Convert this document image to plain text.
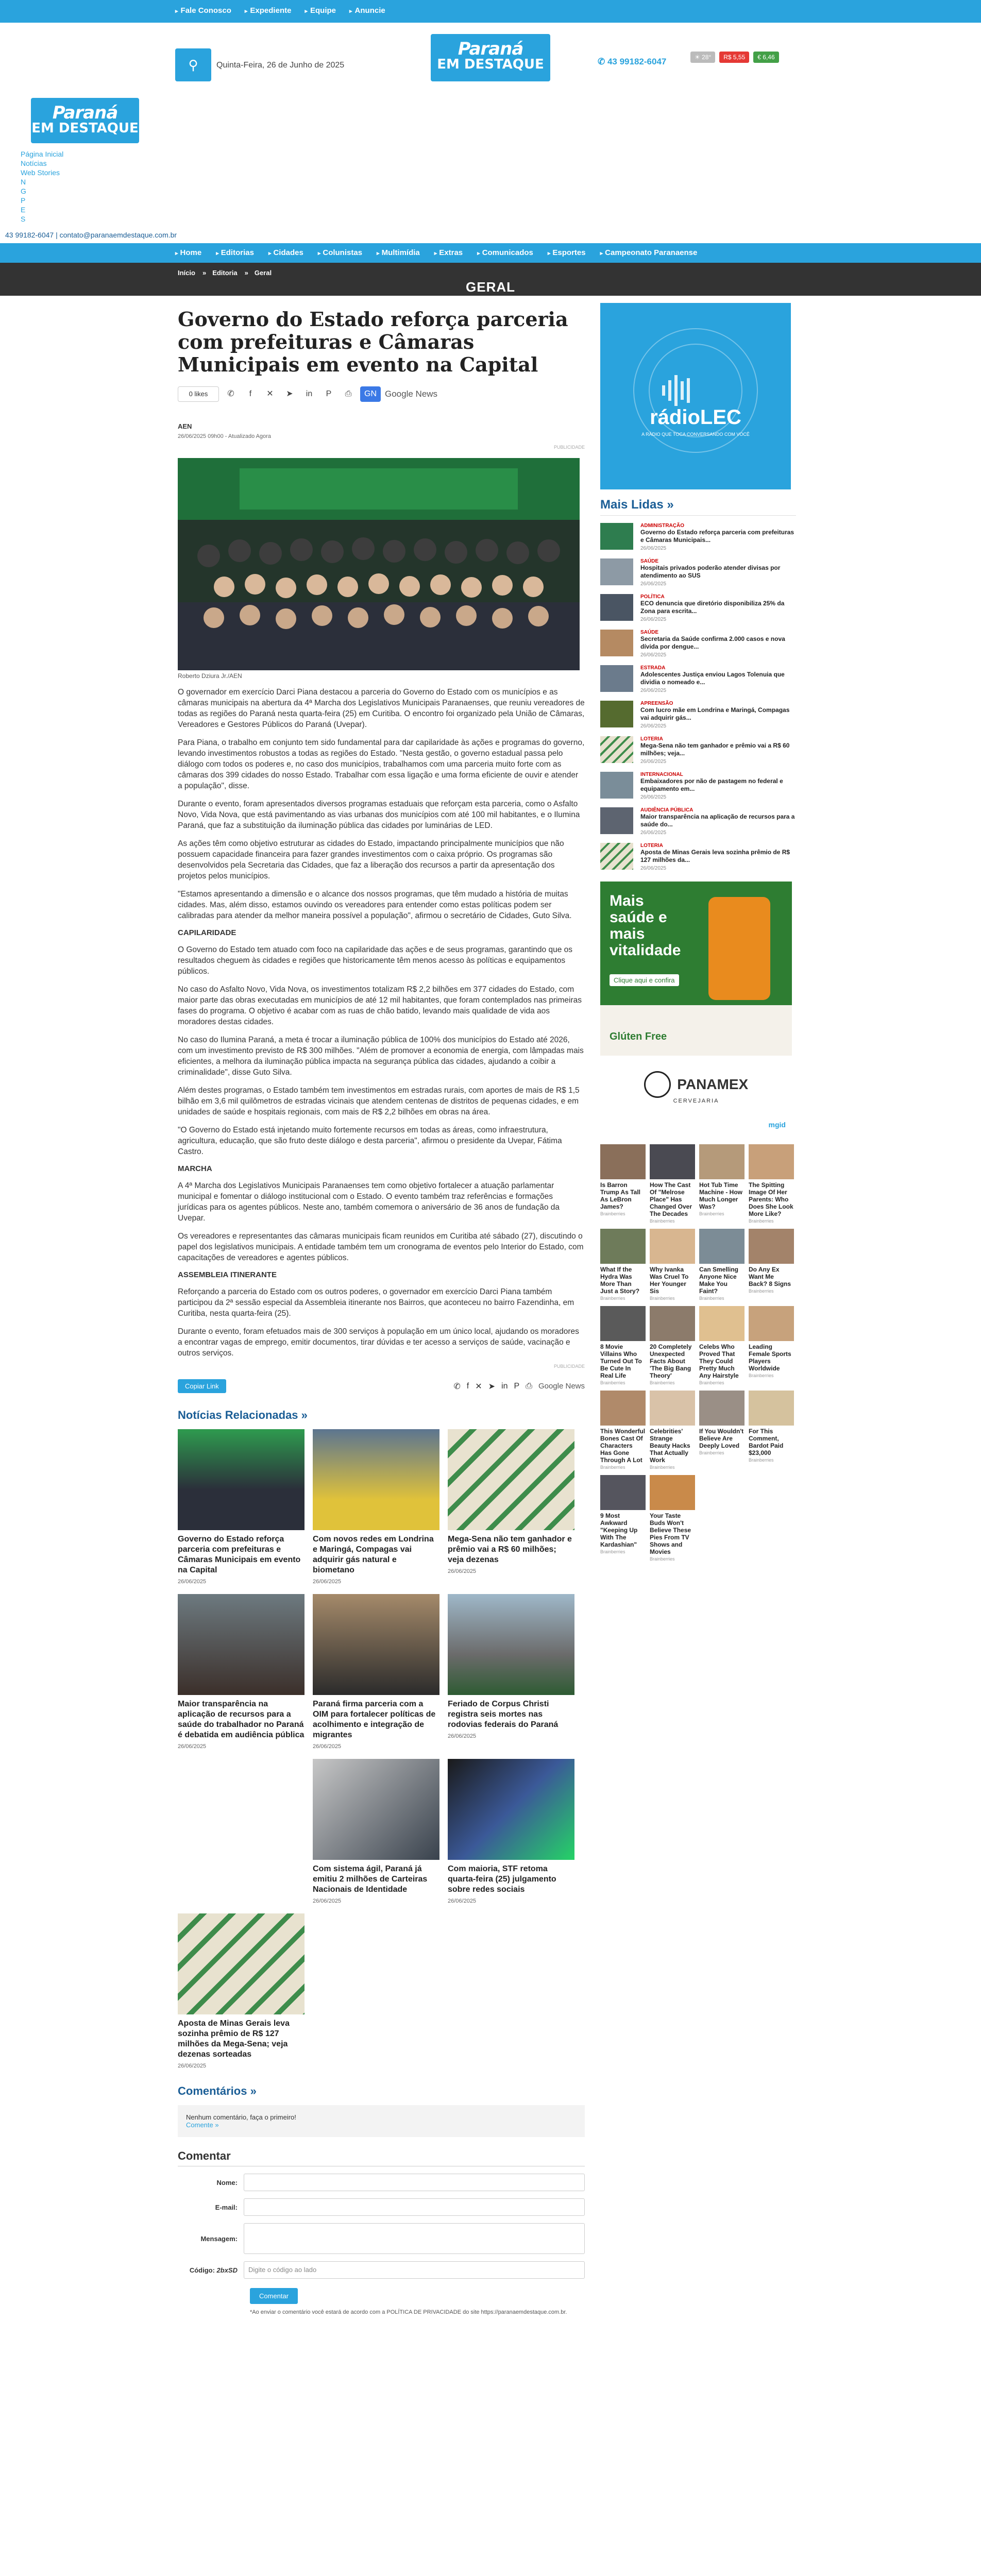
▸ Fale Conosco	▸ Expediente	▸ Equipe	▸ Anuncie
⚲	Quinta-Feira, 26 de Junho de 2025
Paraná
EM DESTAQUE	✆ 43 99182-6047	☀ 28°	R$ 5,55	€ 6,46
Paraná
EM DESTAQUE
Página Inicial
Notícias
Web Stories
N
G
P
E
S
43 99182-6047 | contato@paranaemdestaque.com.br
▸ Home	▸ Editorias	▸ Cidades	▸ Colunistas	▸ Multimídia	▸ Extras	▸ Comunicados	▸ Esportes	▸ Campeonato Paranaense
Início	» Editoria	» Geral
GERAL
Governo do Estado reforça parceria com prefeituras e Câmaras Municipais em evento na Capital
0 likes	✆	f	✕	➤	in	P	⎙	GN Google News
AEN
26/06/2025 09h00 - Atualizado Agora
PUBLICIDADE
Roberto Dziura Jr./AEN

O governador em exercício Darci Piana destacou a parceria do Governo do Estado com os municípios e as câmaras municipais na abertura da 4ª Marcha dos Legislativos Municipais Paranaenses, que reuniu vereadores de todas as regiões do Paraná nesta quarta-feira (25) em Curitiba. O encontro foi organizado pela União de Câmaras, Vereadores e Gestores Públicos do Paraná (Uvepar).

Para Piana, o trabalho em conjunto tem sido fundamental para dar capilaridade às ações e programas do governo, levando investimentos robustos a todas as regiões do Estado. "Nesta gestão, o governo estadual passa pelo diálogo com todos os poderes e, no caso dos municípios, trabalhamos com uma parceria muito forte com as câmaras dos 399 cidades do nosso Estado. Trabalhar com essa ligação e uma forma eficiente de ouvir e atender a população", disse.

Durante o evento, foram apresentados diversos programas estaduais que reforçam esta parceria, como o Asfalto Novo, Vida Nova, que está pavimentando as vias urbanas dos municípios com até 100 mil habitantes, e o Ilumina Paraná, que faz a substituição da iluminação pública das cidades por luminárias de LED.

As ações têm como objetivo estruturar as cidades do Estado, impactando principalmente municípios que não possuem capacidade financeira para fazer grandes investimentos com o caixa próprio. Os programas são desenvolvidos pela Secretaria das Cidades, que faz a liberação dos recursos a partir da apresentação dos projetos pelos municípios.

"Estamos apresentando a dimensão e o alcance dos nossos programas, que têm mudado a história de muitas cidades. Mas, além disso, estamos ouvindo os vereadores para entender como estas políticas podem ser calibradas para atender da melhor maneira possível a população", afirmou o secretário de Cidades, Guto Silva.

CAPILARIDADE

O Governo do Estado tem atuado com foco na capilaridade das ações e de seus programas, garantindo que os resultados cheguem às cidades e regiões que historicamente têm menos acesso às políticas e equipamentos públicos.

No caso do Asfalto Novo, Vida Nova, os investimentos totalizam R$ 2,2 bilhões em 377 cidades do Estado, com maior parte das obras executadas em municípios de até 12 mil habitantes, que foram contemplados nas primeiras fases do programa. O objetivo é acabar com as ruas de chão batido, levando mais qualidade de vida aos moradores destas cidades.

No caso do Ilumina Paraná, a meta é trocar a iluminação pública de 100% dos municípios do Estado até 2026, com um investimento previsto de R$ 300 milhões. "Além de promover a economia de energia, com lâmpadas mais eficientes, a melhora da iluminação pública impacta na segurança pública das cidades, ajudando a coibir a criminalidade", disse Guto Silva.

Além destes programas, o Estado também tem investimentos em estradas rurais, com aportes de mais de R$ 1,5 bilhão em 3,6 mil quilômetros de estradas vicinais que atendem centenas de distritos de pequenas cidades, e em unidades de saúde e hospitais regionais, com mais de R$ 2,2 bilhões em obras na área.

"O Governo do Estado está injetando muito fortemente recursos em todas as áreas, como infraestrutura, agricultura, educação, que são fruto deste diálogo e desta parceria", afirmou o presidente da Uvepar, Fátima Castro.

MARCHA

A 4ª Marcha dos Legislativos Municipais Paranaenses tem como objetivo fortalecer a atuação parlamentar municipal e fomentar o diálogo institucional com o Estado. O evento também traz referências e formações jurídicas para os agentes públicos. Neste ano, também comemora o aniversário de 36 anos de fundação da Uvepar.

Os vereadores e representantes das câmaras municipais ficam reunidos em Curitiba até sábado (27), discutindo o papel dos legislativos municipais. A entidade também tem um cronograma de eventos pelo Interior do Estado, com capacitações de vereadores e agentes públicos.

ASSEMBLEIA ITINERANTE

Reforçando a parceria do Estado com os outros poderes, o governador em exercício Darci Piana também participou da 2ª sessão especial da Assembleia itinerante nos Bairros, que aconteceu no bairro Fazendinha, em Curitiba, nesta quarta-feira (25).

Durante o evento, foram efetuados mais de 300 serviços à população em um único local, ajudando os moradores a encontrar vagas de emprego, emitir documentos, tirar dúvidas e ter acesso a serviços de saúde, vacinação e outros serviços.

PUBLICIDADE
Copiar Link	✆ f ✕ ➤ in P ⎙ Google News
Notícias Relacionadas »
Governo do Estado reforça parceria com prefeituras e Câmaras Municipais em evento na Capital
26/06/2025
Com novos redes em Londrina e Maringá, Compagas vai adquirir gás natural e biometano
26/06/2025
Mega-Sena não tem ganhador e prêmio vai a R$ 60 milhões; veja dezenas
26/06/2025
Maior transparência na aplicação de recursos para a saúde do trabalhador no Paraná é debatida em audiência pública
26/06/2025
Paraná firma parceria com a OIM para fortalecer políticas de acolhimento e integração de migrantes
26/06/2025
Feriado de Corpus Christi registra seis mortes nas rodovias federais do Paraná
26/06/2025
Com sistema ágil, Paraná já emitiu 2 milhões de Carteiras Nacionais de Identidade
26/06/2025
Com maioria, STF retoma quarta-feira (25) julgamento sobre redes sociais
26/06/2025
Aposta de Minas Gerais leva sozinha prêmio de R$ 127 milhões da Mega-Sena; veja dezenas sorteadas
26/06/2025
Comentários »
Nenhum comentário, faça o primeiro!
Comente »
Comentar
Nome:
E-mail:
Mensagem:
Código: 2bxSD	Digite o código ao lado
Comentar
*Ao enviar o comentário você estará de acordo com a POLÍTICA DE PRIVACIDADE do site https://paranaemdestaque.com.br.
rádioLEC
A RÁDIO QUE TOCA CONVERSANDO COM VOCÊ
Mais Lidas »
ADMINISTRAÇÃO
Governo do Estado reforça parceria com prefeituras e Câmaras Municipais...
26/06/2025
SAÚDE
Hospitais privados poderão atender divisas por atendimento ao SUS
26/06/2025
POLÍTICA
ECO denuncia que diretório disponibiliza 25% da Zona para escrita...
26/06/2025
SAÚDE
Secretaria da Saúde confirma 2.000 casos e nova dívida por dengue...
26/06/2025
ESTRADA
Adolescentes Justiça enviou Lagos Tolenuia que dividia o nomeado e...
26/06/2025
APREENSÃO
Com lucro mãe em Londrina e Maringá, Compagas vai adquirir gás...
26/06/2025
LOTERIA
Mega-Sena não tem ganhador e prêmio vai a R$ 60 milhões; veja...
26/06/2025
INTERNACIONAL
Embaixadores por não de pastagem no federal e equipamento em...
26/06/2025
AUDIÊNCIA PÚBLICA
Maior transparência na aplicação de recursos para a saúde do...
26/06/2025
LOTERIA
Aposta de Minas Gerais leva sozinha prêmio de R$ 127 milhões da...
26/06/2025
Mais saúde e mais vitalidade
Clique aqui e confira
Glúten Free
PANAMEX
CERVEJARIA
mgid
Is Barron Trump As Tall As LeBron James?
Brainberries
How The Cast Of "Melrose Place" Has Changed Over The Decades
Brainberries
Hot Tub Time Machine - How Much Longer Was?
Brainberries
The Spitting Image Of Her Parents: Who Does She Look More Like?
Brainberries
What If the Hydra Was More Than Just a Story?
Brainberries
Why Ivanka Was Cruel To Her Younger Sis
Brainberries
Can Smelling Anyone Nice Make You Faint?
Brainberries
Do Any Ex Want Me Back? 8 Signs
Brainberries
8 Movie Villains Who Turned Out To Be Cute In Real Life
Brainberries
20 Completely Unexpected Facts About 'The Big Bang Theory'
Brainberries
Celebs Who Proved That They Could Pretty Much Any Hairstyle
Brainberries
Leading Female Sports Players Worldwide
Brainberries
This Wonderful Bones Cast Of Characters Has Gone Through A Lot
Brainberries
Celebrities' Strange Beauty Hacks That Actually Work
Brainberries
If You Wouldn't Believe Are Deeply Loved
Brainberries
For This Comment, Bardot Paid $23,000
Brainberries
9 Most Awkward "Keeping Up With The Kardashian"
Brainberries
Your Taste Buds Won't Believe These Pies From TV Shows and Movies
Brainberries
